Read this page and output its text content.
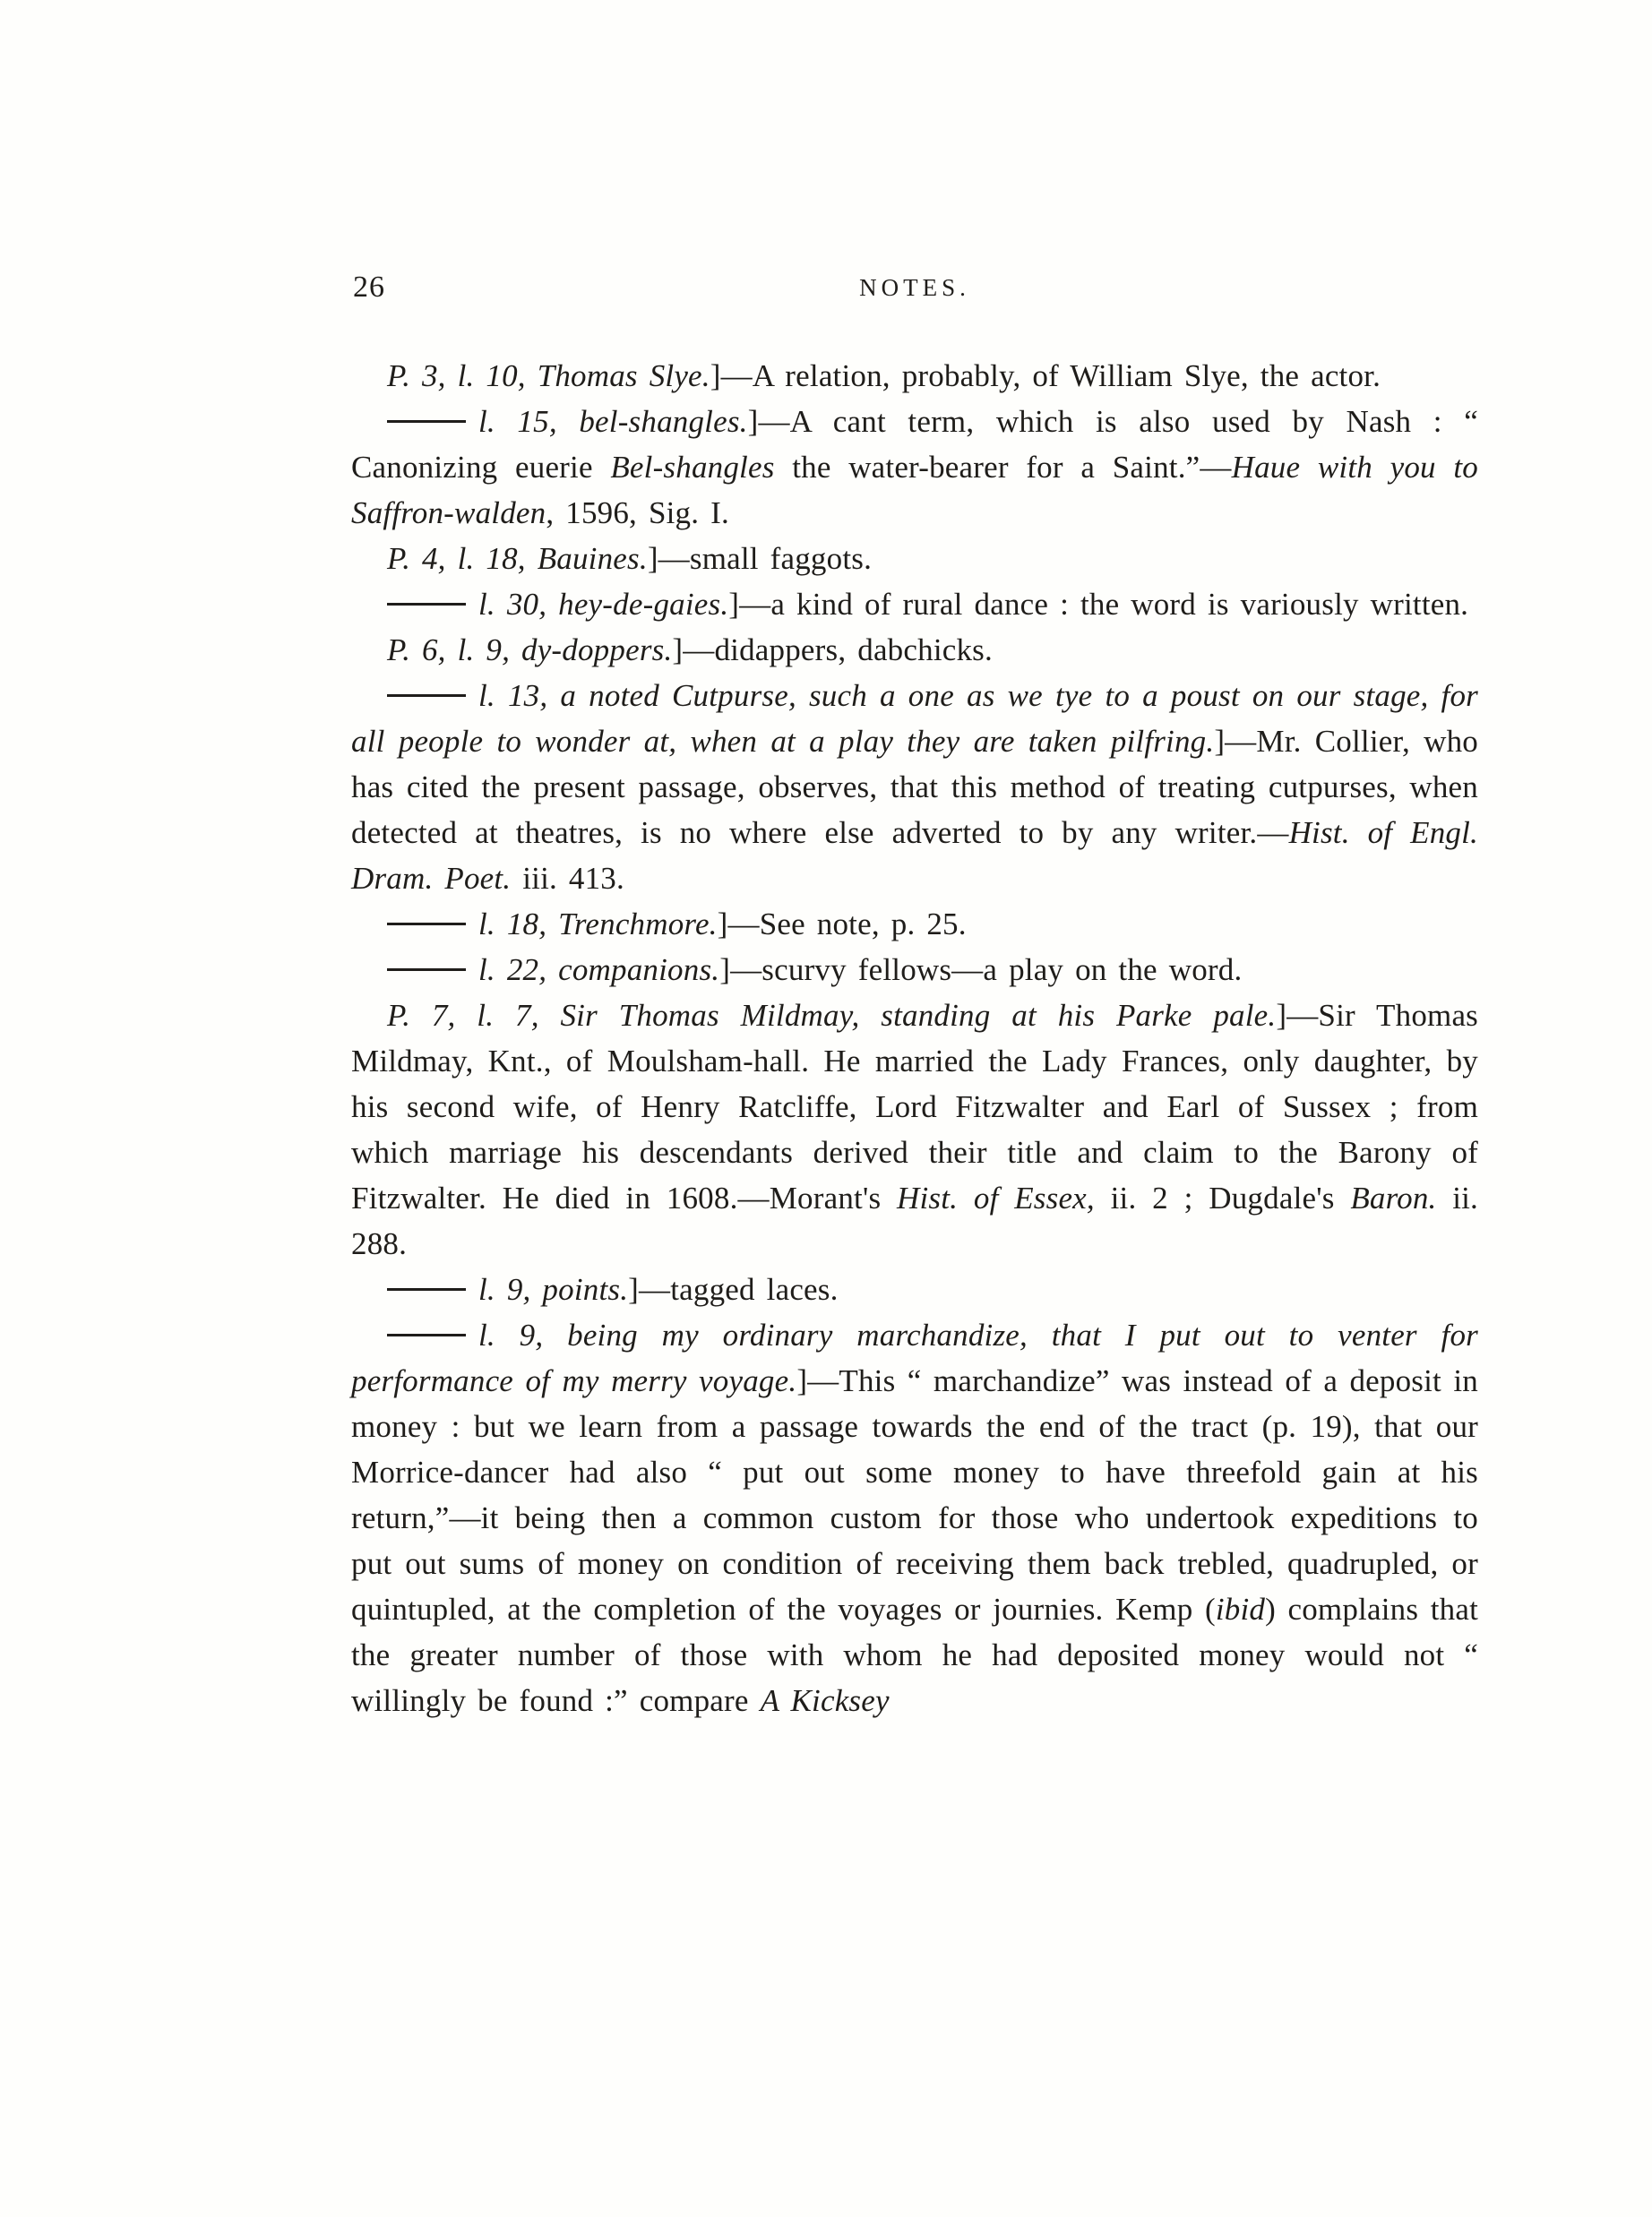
26	NOTES.

P. 3, l. 10, Thomas Slye.]—A relation, probably, of William Slye, the actor.

l. 15, bel-shangles.]—A cant term, which is also used by Nash : “ Canonizing euerie Bel-shangles the water-bearer for a Saint.”—Haue with you to Saffron-walden, 1596, Sig. I.

P. 4, l. 18, Bauines.]—small faggots.

l. 30, hey-de-gaies.]—a kind of rural dance : the word is variously written.

P. 6, l. 9, dy-doppers.]—didappers, dabchicks.

l. 13, a noted Cutpurse, such a one as we tye to a poust on our stage, for all people to wonder at, when at a play they are taken pilfring.]—Mr. Collier, who has cited the present passage, observes, that this method of treating cutpurses, when detected at theatres, is no where else adverted to by any writer.—Hist. of Engl. Dram. Poet. iii. 413.

l. 18, Trenchmore.]—See note, p. 25.

l. 22, companions.]—scurvy fellows—a play on the word.

P. 7, l. 7, Sir Thomas Mildmay, standing at his Parke pale.]—Sir Thomas Mildmay, Knt., of Moulsham-hall. He married the Lady Frances, only daughter, by his second wife, of Henry Ratcliffe, Lord Fitzwalter and Earl of Sussex ; from which marriage his descendants derived their title and claim to the Barony of Fitzwalter. He died in 1608.—Morant's Hist. of Essex, ii. 2 ; Dugdale's Baron. ii. 288.

l. 9, points.]—tagged laces.

l. 9, being my ordinary marchandize, that I put out to venter for performance of my merry voyage.]—This “ marchandize” was instead of a deposit in money : but we learn from a passage towards the end of the tract (p. 19), that our Morrice-dancer had also “ put out some money to have threefold gain at his return,”—it being then a common custom for those who undertook expeditions to put out sums of money on condition of receiving them back trebled, quadrupled, or quintupled, at the completion of the voyages or journies. Kemp (ibid) complains that the greater number of those with whom he had deposited money would not “ willingly be found :” compare A Kicksey
